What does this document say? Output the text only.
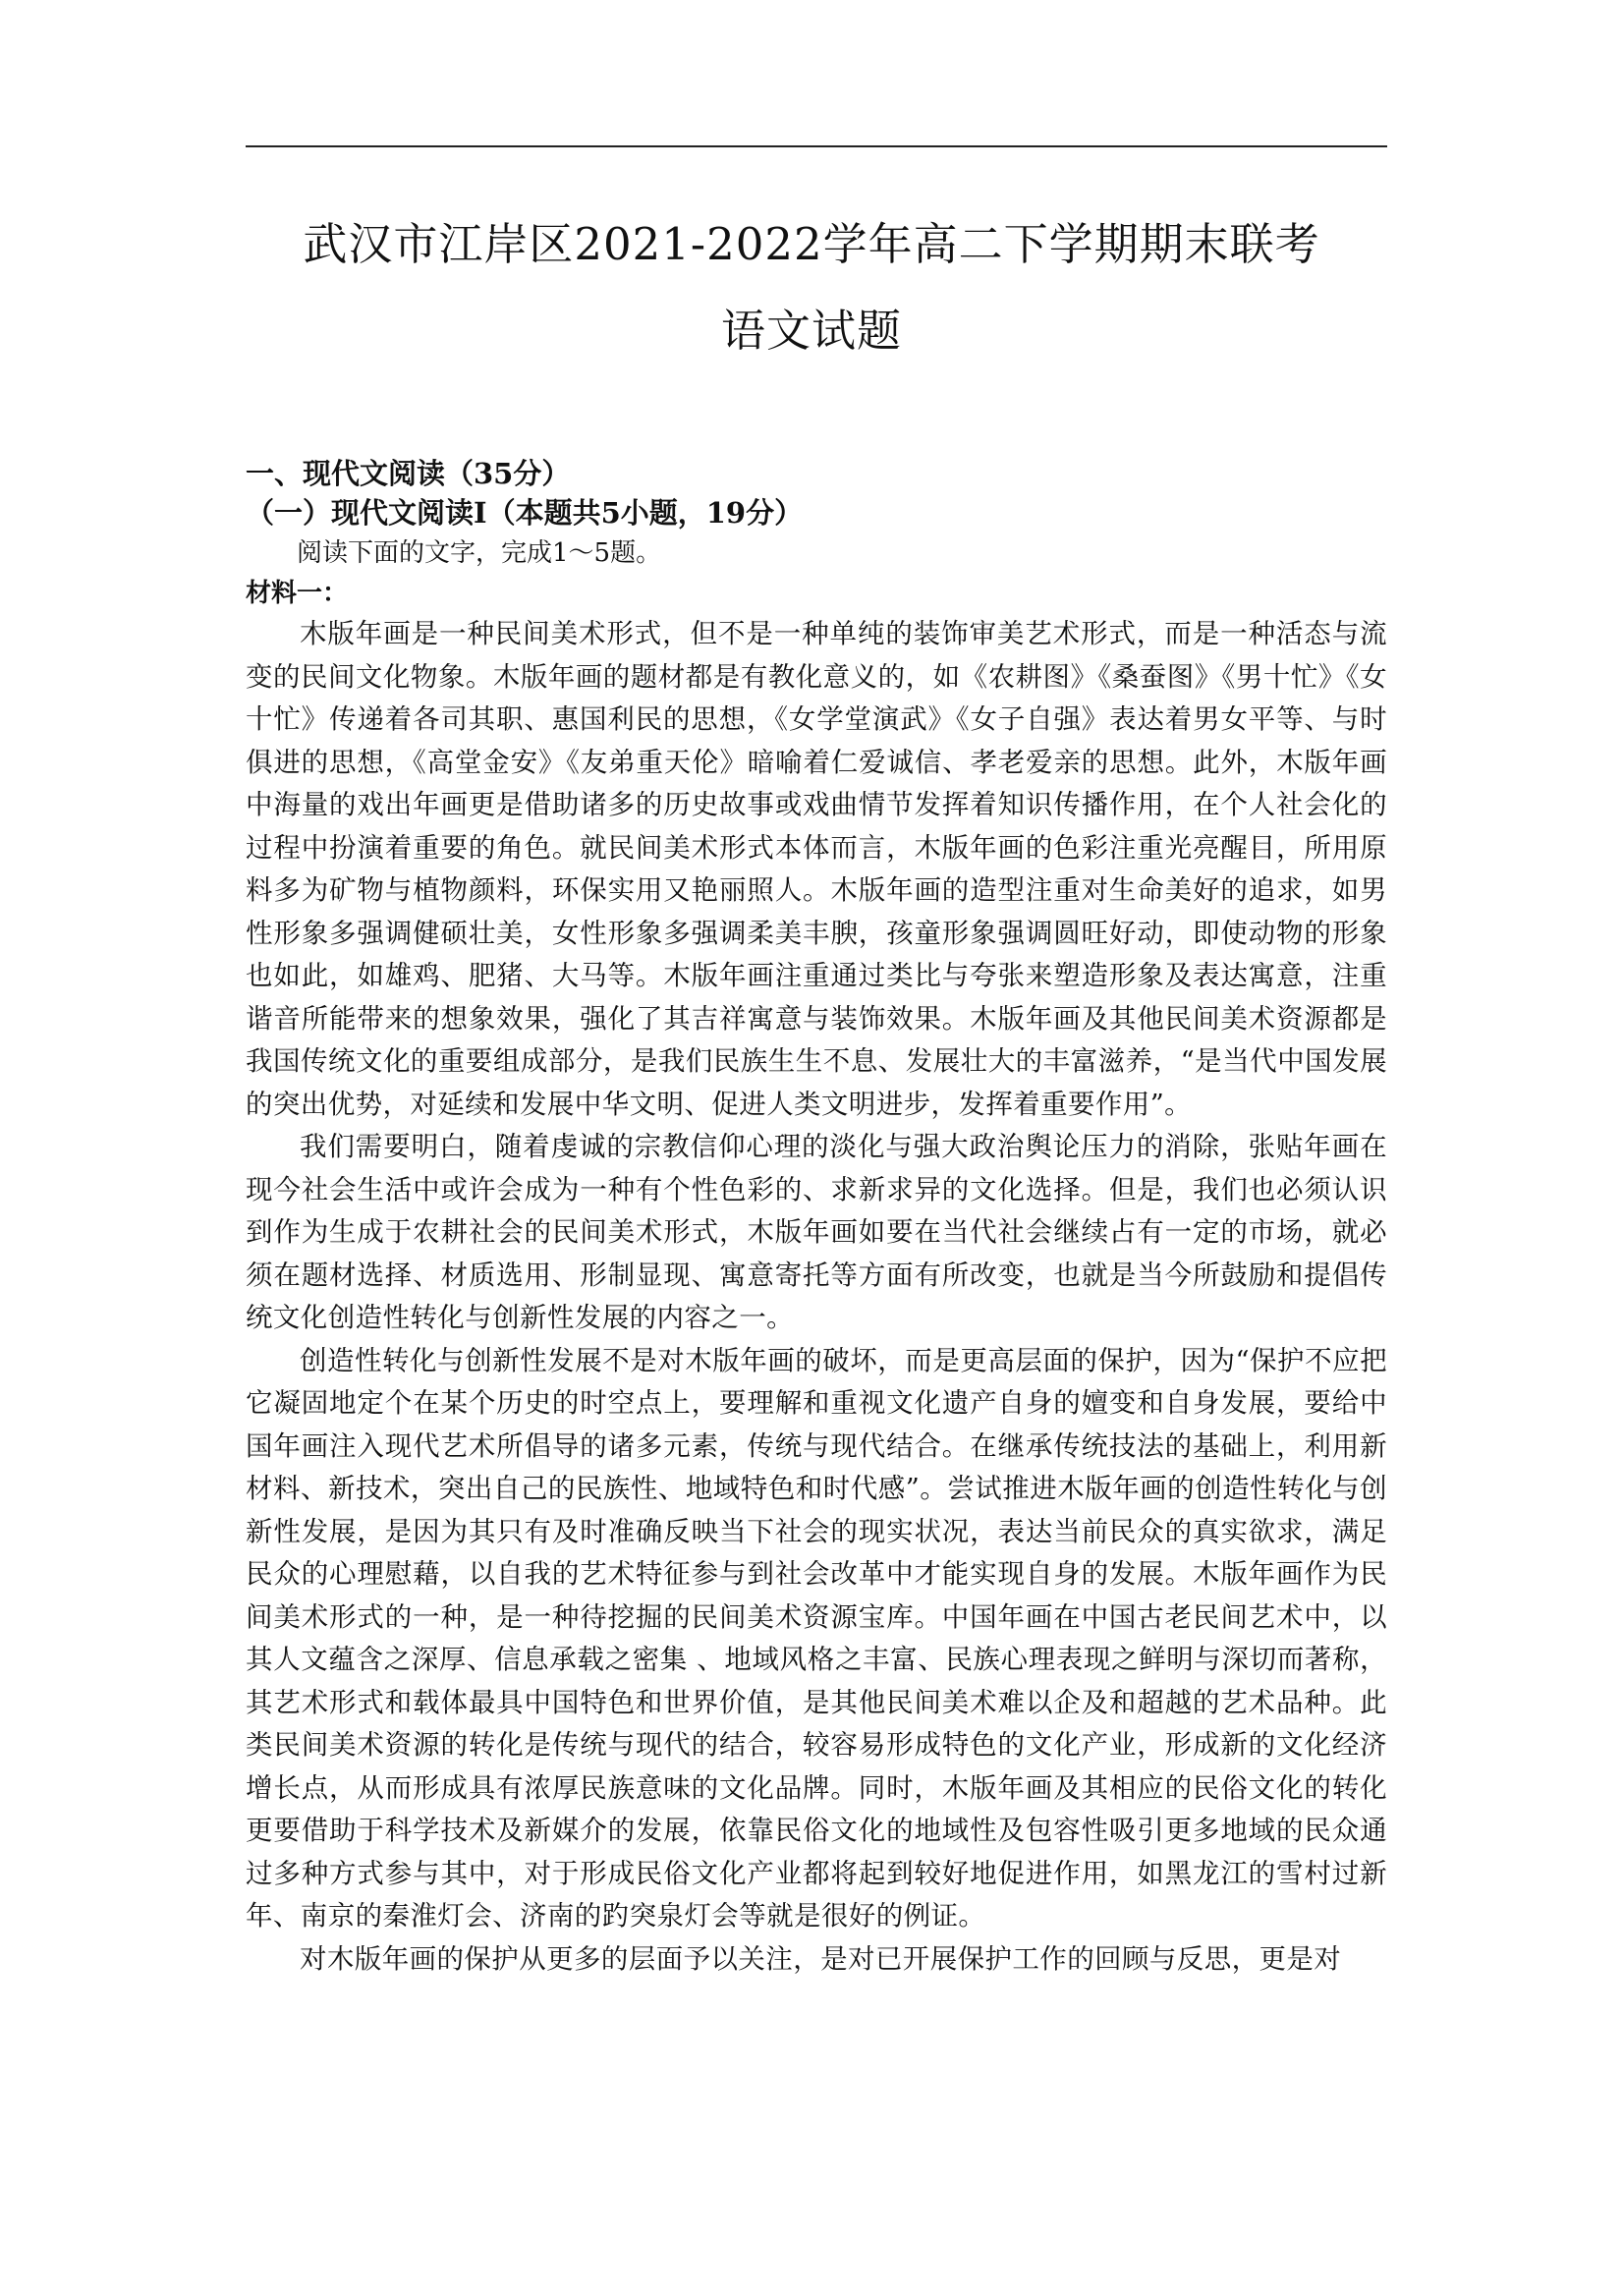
武汉市江岸区2021-2022学年高二下学期期末联考
语文试题
一、现代文阅读（35分）
（一）现代文阅读Ⅰ（本题共5小题，19分）
阅读下面的文字，完成1～5题。
材料一：

木版年画是一种民间美术形式，但不是一种单纯的装饰审美艺术形式，而是一种活态与流变的民间文化物象。木版年画的题材都是有教化意义的，如《农耕图》《桑蚕图》《男十忙》《女十忙》传递着各司其职、惠国利民的思想，《女学堂演武》《女子自强》表达着男女平等、与时俱进的思想，《高堂金安》《友弟重天伦》暗喻着仁爱诚信、孝老爱亲的思想。此外，木版年画中海量的戏出年画更是借助诸多的历史故事或戏曲情节发挥着知识传播作用，在个人社会化的过程中扮演着重要的角色。就民间美术形式本体而言，木版年画的色彩注重光亮醒目，所用原料多为矿物与植物颜料，环保实用又艳丽照人。木版年画的造型注重对生命美好的追求，如男性形象多强调健硕壮美，女性形象多强调柔美丰腴，孩童形象强调圆旺好动，即使动物的形象也如此，如雄鸡、肥猪、大马等。木版年画注重通过类比与夸张来塑造形象及表达寓意，注重谐音所能带来的想象效果，强化了其吉祥寓意与装饰效果。木版年画及其他民间美术资源都是我国传统文化的重要组成部分，是我们民族生生不息、发展壮大的丰富滋养，“是当代中国发展的突出优势，对延续和发展中华文明、促进人类文明进步，发挥着重要作用”。

我们需要明白，随着虔诚的宗教信仰心理的淡化与强大政治舆论压力的消除，张贴年画在现今社会生活中或许会成为一种有个性色彩的、求新求异的文化选择。但是，我们也必须认识到作为生成于农耕社会的民间美术形式，木版年画如要在当代社会继续占有一定的市场，就必须在题材选择、材质选用、形制显现、寓意寄托等方面有所改变，也就是当今所鼓励和提倡传统文化创造性转化与创新性发展的内容之一。

创造性转化与创新性发展不是对木版年画的破坏，而是更高层面的保护，因为“保护不应把它凝固地定个在某个历史的时空点上，要理解和重视文化遗产自身的嬗变和自身发展，要给中国年画注入现代艺术所倡导的诸多元素，传统与现代结合。在继承传统技法的基础上，利用新材料、新技术，突出自己的民族性、地域特色和时代感”。尝试推进木版年画的创造性转化与创新性发展，是因为其只有及时准确反映当下社会的现实状况，表达当前民众的真实欲求，满足民众的心理慰藉，以自我的艺术特征参与到社会改革中才能实现自身的发展。木版年画作为民间美术形式的一种，是一种待挖掘的民间美术资源宝库。中国年画在中国古老民间艺术中，以其人文蕴含之深厚、信息承载之密集 、地域风格之丰富、民族心理表现之鲜明与深切而著称，其艺术形式和载体最具中国特色和世界价值，是其他民间美术难以企及和超越的艺术品种。此类民间美术资源的转化是传统与现代的结合，较容易形成特色的文化产业，形成新的文化经济增长点，从而形成具有浓厚民族意味的文化品牌。同时，木版年画及其相应的民俗文化的转化更要借助于科学技术及新媒介的发展，依靠民俗文化的地域性及包容性吸引更多地域的民众通过多种方式参与其中，对于形成民俗文化产业都将起到较好地促进作用，如黑龙江的雪村过新年、南京的秦淮灯会、济南的趵突泉灯会等就是很好的例证。

对木版年画的保护从更多的层面予以关注，是对已开展保护工作的回顾与反思，更是对
